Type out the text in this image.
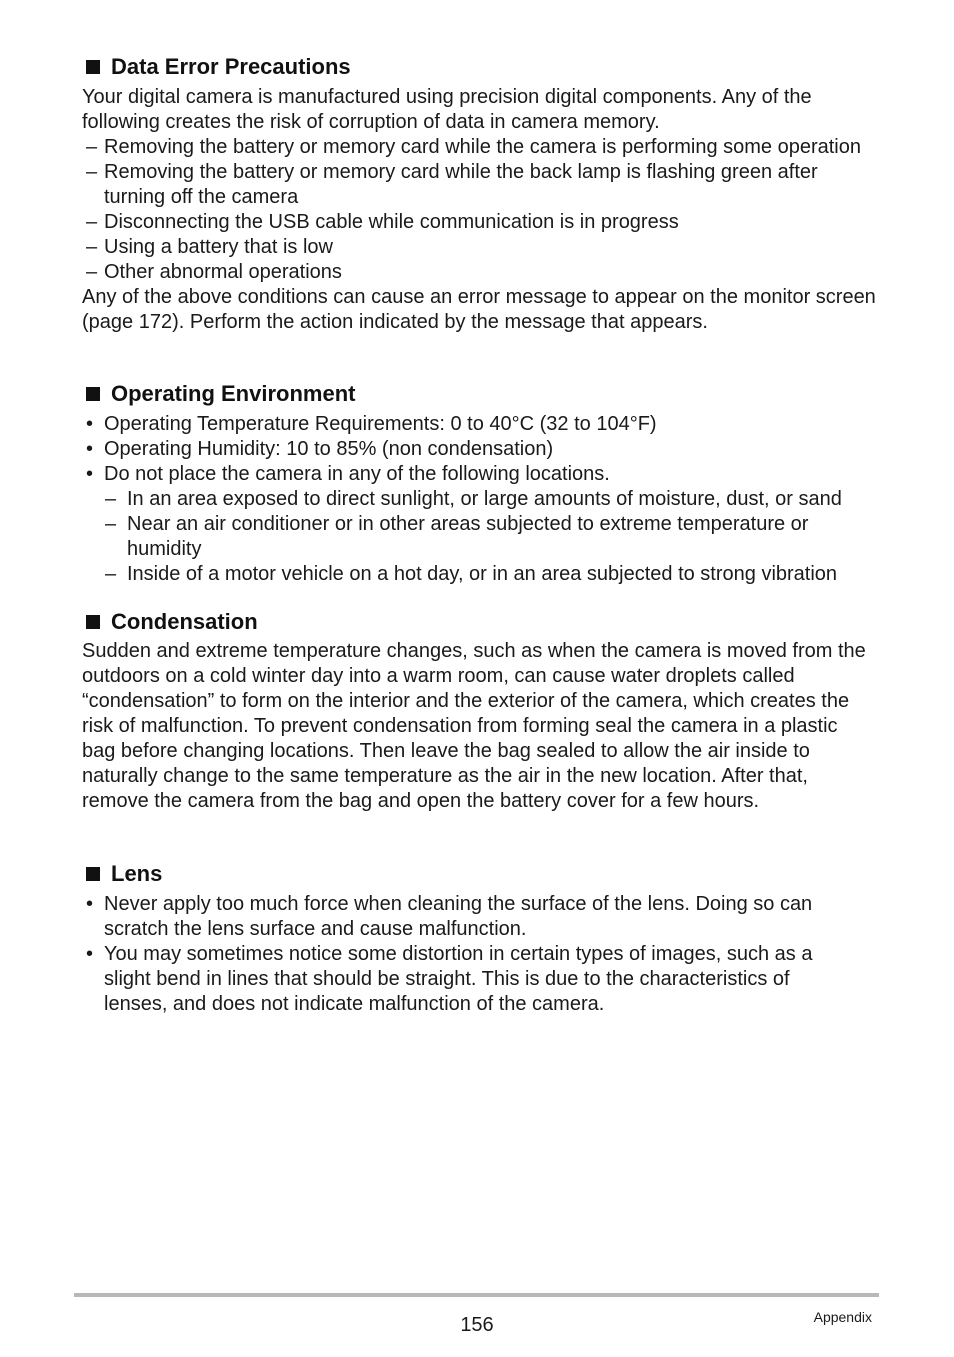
Data Error Precautions

Your digital camera is manufactured using precision digital components. Any of the following creates the risk of corruption of data in camera memory.

– Removing the battery or memory card while the camera is performing some operation

– Removing the battery or memory card while the back lamp is flashing green after turning off the camera

– Disconnecting the USB cable while communication is in progress

– Using a battery that is low

– Other abnormal operations

Any of the above conditions can cause an error message to appear on the monitor screen (page 172). Perform the action indicated by the message that appears.

Operating Environment

• Operating Temperature Requirements: 0 to 40°C (32 to 104°F)

• Operating Humidity: 10 to 85% (non condensation)

• Do not place the camera in any of the following locations.

– In an area exposed to direct sunlight, or large amounts of moisture, dust, or sand

– Near an air conditioner or in other areas subjected to extreme temperature or humidity

– Inside of a motor vehicle on a hot day, or in an area subjected to strong vibration

Condensation

Sudden and extreme temperature changes, such as when the camera is moved from the outdoors on a cold winter day into a warm room, can cause water droplets called “condensation” to form on the interior and the exterior of the camera, which creates the risk of malfunction. To prevent condensation from forming seal the camera in a plastic bag before changing locations. Then leave the bag sealed to allow the air inside to naturally change to the same temperature as the air in the new location. After that, remove the camera from the bag and open the battery cover for a few hours.

Lens

• Never apply too much force when cleaning the surface of the lens. Doing so can scratch the lens surface and cause malfunction.

• You may sometimes notice some distortion in certain types of images, such as a slight bend in lines that should be straight. This is due to the characteristics of lenses, and does not indicate malfunction of the camera.

156	Appendix
